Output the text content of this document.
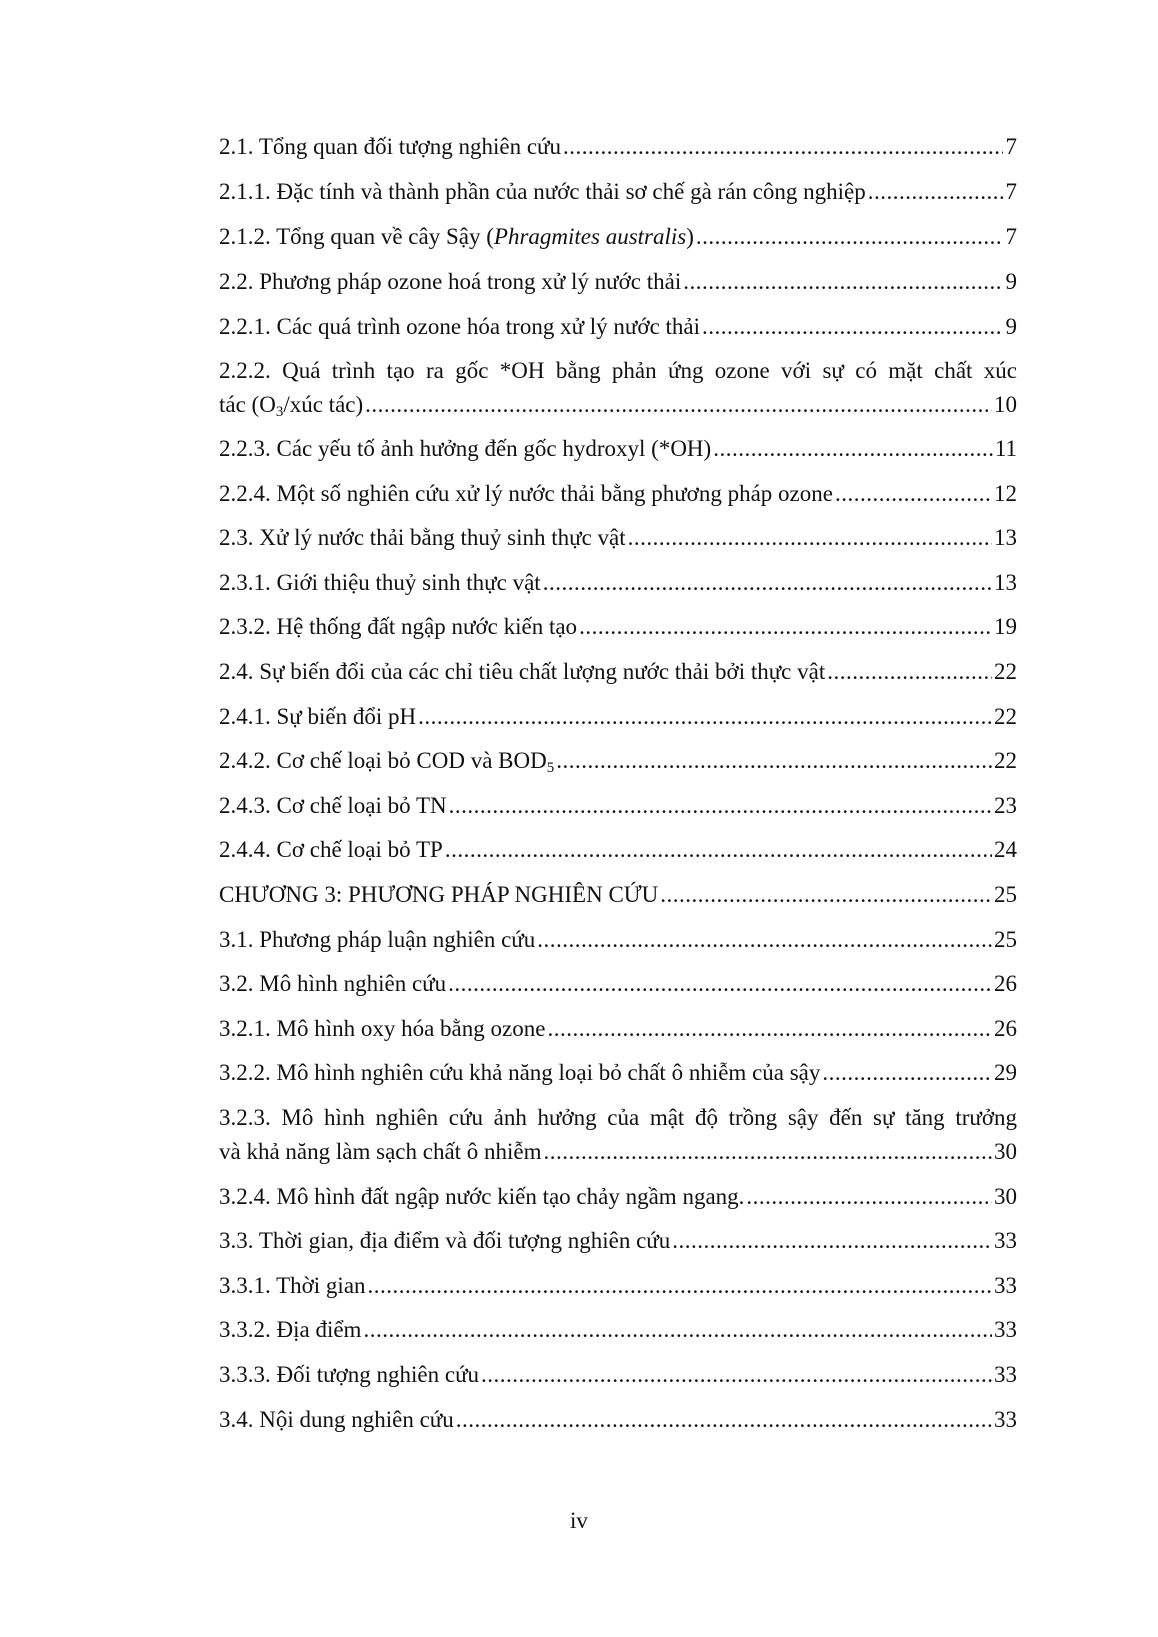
2.1. Tổng quan đối tượng nghiên cứu .....	7
2.1.1. Đặc tính và thành phần của nước thải sơ chế gà rán công nghiệp .....	7
2.1.2. Tổng quan về cây Sậy (Phragmites australis) .....	7
2.2. Phương pháp ozone hoá trong xử lý nước thải .....	9
2.2.1. Các quá trình ozone hóa trong xử lý nước thải .....	9
2.2.2. Quá trình tạo ra gốc *OH bằng phản ứng ozone với sự có mặt chất xúc
tác ($O_3$/xúc tác) .....	10
2.2.3. Các yếu tố ảnh hưởng đến gốc hydroxyl (*OH) .....	11
2.2.4. Một số nghiên cứu xử lý nước thải bằng phương pháp ozone .....	12
2.3. Xử lý nước thải bằng thuỷ sinh thực vật .....	13
2.3.1. Giới thiệu thuỷ sinh thực vật .....	13
2.3.2. Hệ thống đất ngập nước kiến tạo .....	19
2.4. Sự biến đổi của các chỉ tiêu chất lượng nước thải bởi thực vật .....	22
2.4.1. Sự biến đổi pH .....	22
2.4.2. Cơ chế loại bỏ COD và $BOD_5$ .....	22
2.4.3. Cơ chế loại bỏ TN .....	23
2.4.4. Cơ chế loại bỏ TP .....	24
CHƯƠNG 3: PHƯƠNG PHÁP NGHIÊN CỨU .....	25
3.1. Phương pháp luận nghiên cứu .....	25
3.2. Mô hình nghiên cứu .....	26
3.2.1. Mô hình oxy hóa bằng ozone .....	26
3.2.2. Mô hình nghiên cứu khả năng loại bỏ chất ô nhiễm của sậy .....	29
3.2.3. Mô hình nghiên cứu ảnh hưởng của mật độ trồng sậy đến sự tăng trưởng
và khả năng làm sạch chất ô nhiễm .....	30
3.2.4. Mô hình đất ngập nước kiến tạo chảy ngầm ngang. .....	30
3.3. Thời gian, địa điểm và đối tượng nghiên cứu .....	33
3.3.1. Thời gian .....	33
3.3.2. Địa điểm .....	33
3.3.3. Đối tượng nghiên cứu .....	33
3.4. Nội dung nghiên cứu .....	33
iv
